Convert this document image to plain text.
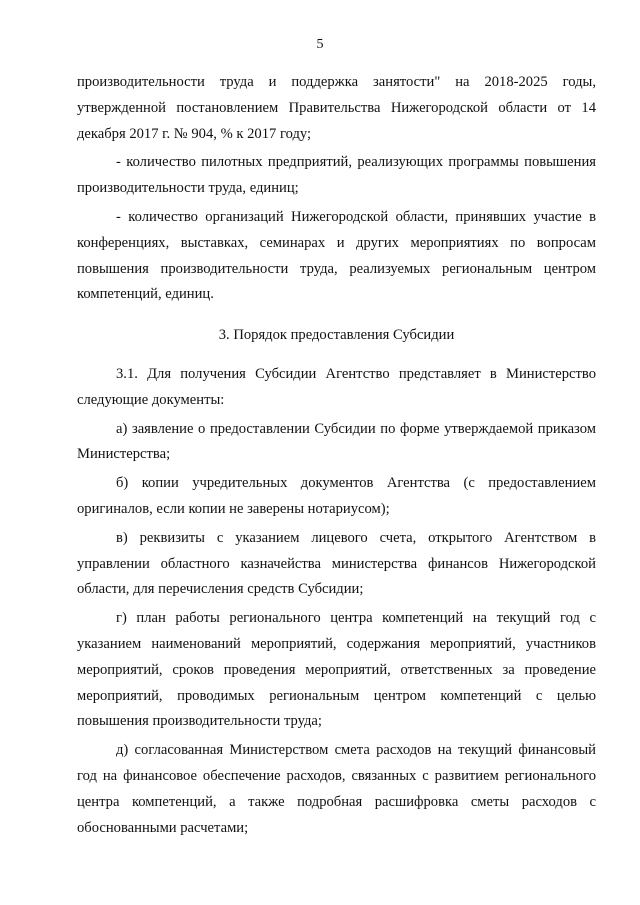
5

производительности труда и поддержка занятости" на 2018-2025 годы, утвержденной постановлением Правительства Нижегородской области от 14 декабря 2017 г. № 904, % к 2017 году;

- количество пилотных предприятий, реализующих программы повышения производительности труда, единиц;

- количество организаций Нижегородской области, принявших участие в конференциях, выставках, семинарах и других мероприятиях по вопросам повышения производительности труда, реализуемых региональным центром компетенций, единиц.

3. Порядок предоставления Субсидии

3.1. Для получения Субсидии Агентство представляет в Министерство следующие документы:

а) заявление о предоставлении Субсидии по форме утверждаемой приказом Министерства;

б) копии учредительных документов Агентства (с предоставлением оригиналов, если копии не заверены нотариусом);

в) реквизиты с указанием лицевого счета, открытого Агентством в управлении областного казначейства министерства финансов Нижегородской области, для перечисления средств Субсидии;

г) план работы регионального центра компетенций на текущий год с указанием наименований мероприятий, содержания мероприятий, участников мероприятий, сроков проведения мероприятий, ответственных за проведение мероприятий, проводимых региональным центром компетенций с целью повышения производительности труда;

д) согласованная Министерством смета расходов на текущий финансовый год на финансовое обеспечение расходов, связанных с развитием регионального центра компетенций, а также подробная расшифровка сметы расходов с обоснованными расчетами;
